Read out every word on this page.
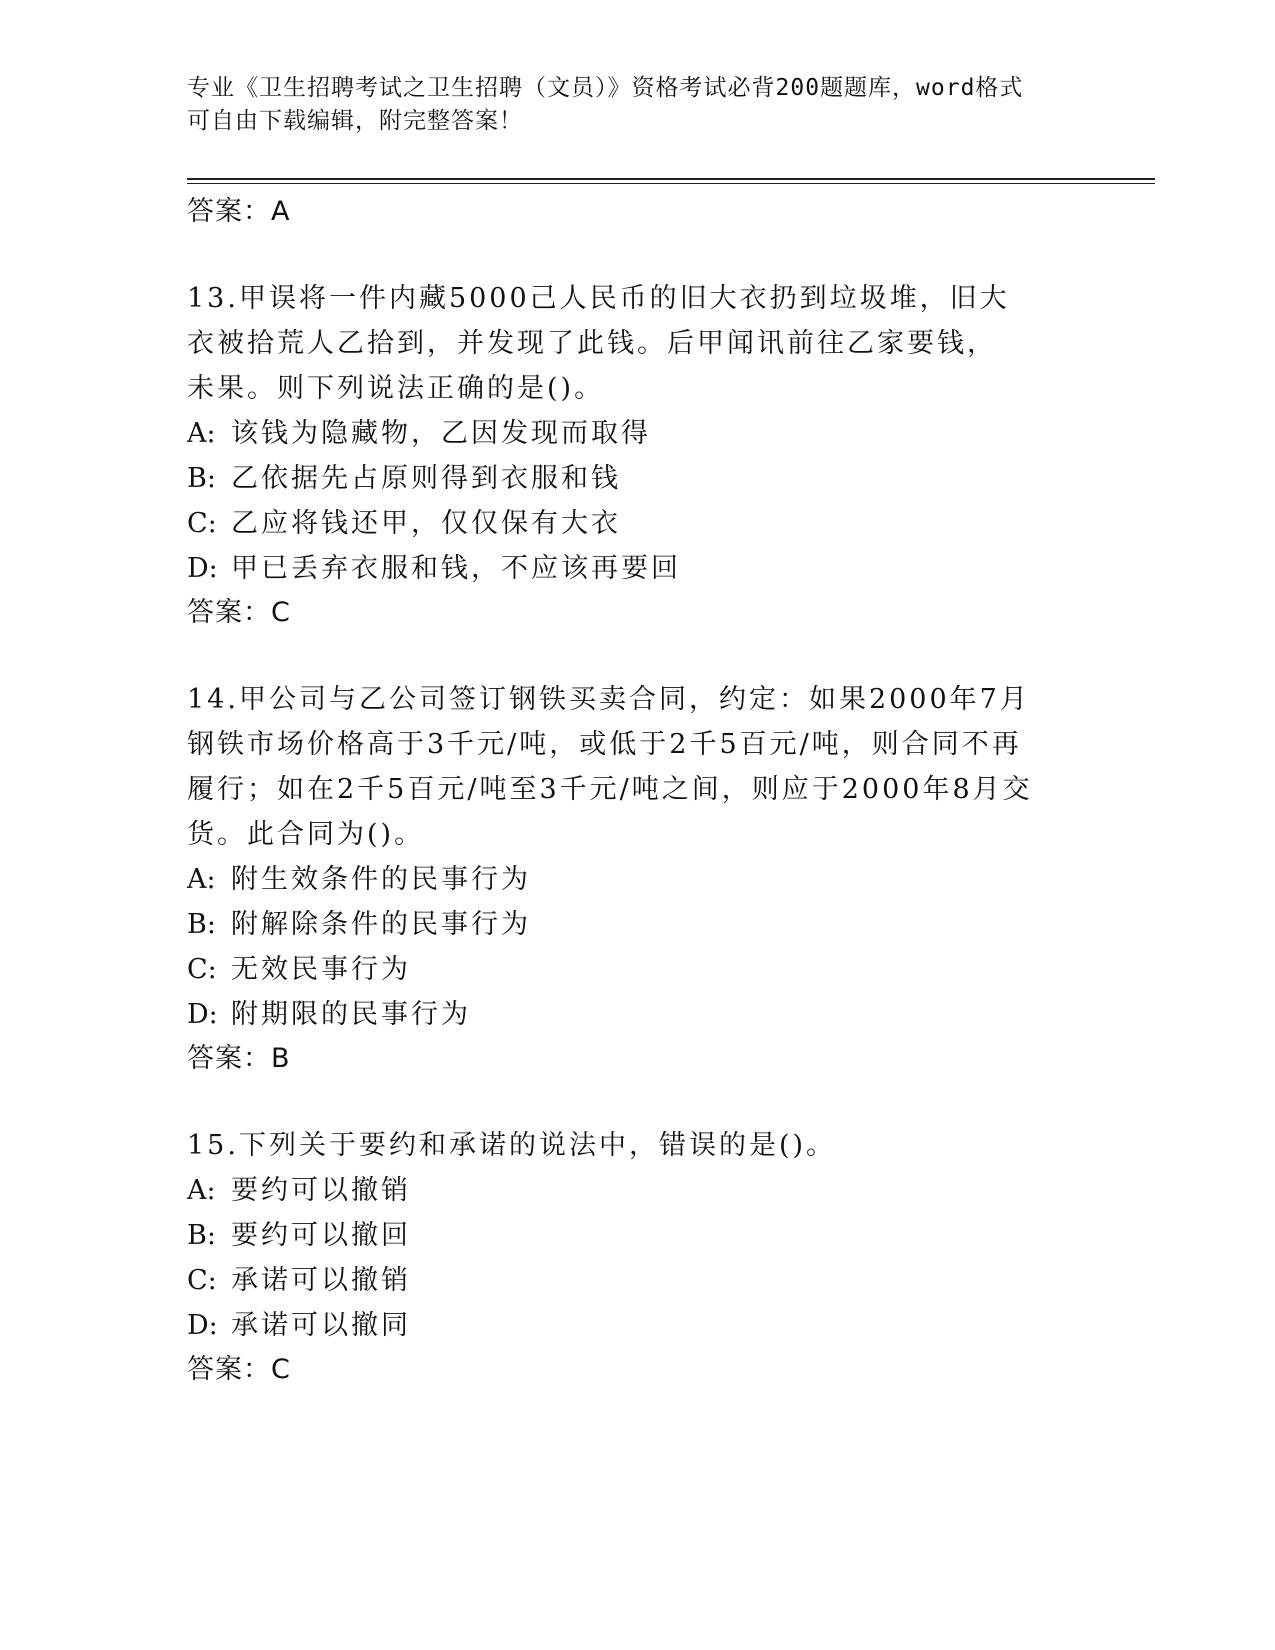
专业《卫生招聘考试之卫生招聘（文员）》资格考试必背200题题库，word格式
可自由下载编辑，附完整答案！
答案：A
13.甲误将一件内藏5000己人民币的旧大衣扔到垃圾堆，旧大衣被拾荒人乙拾到，并发现了此钱。后甲闻讯前往乙家要钱，未果。则下列说法正确的是()。
A: 该钱为隐藏物，乙因发现而取得
B: 乙依据先占原则得到衣服和钱
C: 乙应将钱还甲，仅仅保有大衣
D: 甲已丢弃衣服和钱，不应该再要回
答案：C
14.甲公司与乙公司签订钢铁买卖合同，约定：如果2000年7月钢铁市场价格高于3千元/吨，或低于2千5百元/吨，则合同不再履行；如在2千5百元/吨至3千元/吨之间，则应于2000年8月交货。此合同为()。
A: 附生效条件的民事行为
B: 附解除条件的民事行为
C: 无效民事行为
D: 附期限的民事行为
答案：B
15.下列关于要约和承诺的说法中，错误的是()。
A: 要约可以撤销
B: 要约可以撤回
C: 承诺可以撤销
D: 承诺可以撤同
答案：C
